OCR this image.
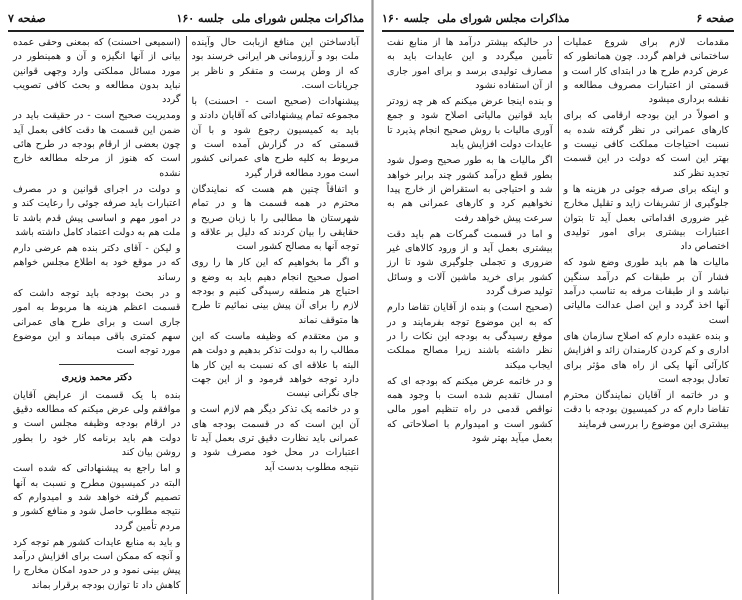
مذاکرات مجلس شورای ملی  جلسه ۱۶۰
صفحه ۷

آبادساختن این منافع ازبابت حال وآینده ملت بود و آرزومانی هر ایرانی خرسند بود که از وطن پرست و متفکر و ناظر بر جریانات است.

پیشنهادات (صحیح است - احسنت) با مجموعه تمام پیشنهاداتی که آقایان دادند و باید به کمیسیون رجوع شود و با آن قسمتی که در گزارش آمده است و مربوط به کلیه طرح های عمرانی کشور است مورد مطالعه قرار گیرد

و اتفاقاً چنین هم هست که نمایندگان محترم در همه قسمت ها و در تمام شهرستان ها مطالبی را با زبان صریح و حقایقی را بیان کردند که دلیل بر علاقه و توجه آنها به مصالح کشور است

و اگر ما بخواهیم که این کار ها را روی اصول صحیح انجام دهیم باید به وضع و احتیاج هر منطقه رسیدگی کنیم و بودجه لازم را برای آن پیش بینی نمائیم تا طرح ها متوقف نماند

و من معتقدم که وظیفه ماست که این مطالب را به دولت تذکر بدهیم و دولت هم البته با علاقه ای که نسبت به این کار ها دارد توجه خواهد فرمود و از این جهت جای نگرانی نیست

و در خاتمه یک تذکر دیگر هم لازم است و آن این است که در قسمت بودجه های عمرانی باید نظارت دقیق تری بعمل آید تا اعتبارات در محل خود مصرف شود و نتیجه مطلوب بدست آید

(اسمیعی احسنت) که بمعنی وحقی عمده بیانی از آنها انگیزه و آن و همینطور در مورد مسائل مملکتی وارد وجهی قوانین نباید بدون مطالعه و بحث کافی تصویب گردد

ومدیریت صحیح است - در حقیقت باید در ضمن این قسمت ها دقت کافی بعمل آید چون بعضی از ارقام بودجه در طرح هائی است که هنوز از مرحله مطالعه خارج نشده

و دولت در اجرای قوانین و در مصرف اعتبارات باید صرفه جوئی را رعایت کند و در امور مهم و اساسی پیش قدم باشد تا ملت هم به دولت اعتماد کامل داشته باشد

و لیکن - آقای دکتر بنده هم عرضی دارم که در موقع خود به اطلاع مجلس خواهم رساند

و در بحث بودجه باید توجه داشت که قسمت اعظم هزینه ها مربوط به امور جاری است و برای طرح های عمرانی سهم کمتری باقی میماند و این موضوع مورد توجه است

دکتر محمد وزیری

بنده با یک قسمت از عرایض آقایان موافقم ولی عرض میکنم که مطالعه دقیق در ارقام بودجه وظیفه مجلس است و دولت هم باید برنامه کار خود را بطور روشن بیان کند

و اما راجع به پیشنهاداتی که شده است البته در کمیسیون مطرح و نسبت به آنها تصمیم گرفته خواهد شد و امیدوارم که نتیجه مطلوب حاصل شود و منافع کشور و مردم تأمین گردد

و باید به منابع عایدات کشور هم توجه کرد و آنچه که ممکن است برای افزایش درآمد پیش بینی نمود و در حدود امکان مخارج را کاهش داد تا توازن بودجه برقرار بماند

صفحه ۶
مذاکرات مجلس شورای ملی  جلسه ۱۶۰

مقدمات لازم برای شروع عملیات ساختمانی فراهم گردد. چون همانطور که عرض کردم طرح ها در ابتدای کار است و قسمتی از اعتبارات مصروف مطالعه و نقشه برداری میشود

و اصولاً در این بودجه ارقامی که برای کارهای عمرانی در نظر گرفته شده به نسبت احتیاجات مملکت کافی نیست و بهتر این است که دولت در این قسمت تجدید نظر کند

و اینکه برای صرفه جوئی در هزینه ها و جلوگیری از تشریفات زاید و تقلیل مخارج غیر ضروری اقداماتی بعمل آید تا بتوان اعتبارات بیشتری برای امور تولیدی اختصاص داد

مالیات ها هم باید طوری وضع شود که فشار آن بر طبقات کم درآمد سنگین نباشد و از طبقات مرفه به تناسب درآمد آنها اخذ گردد و این اصل عدالت مالیاتی است

و بنده عقیده دارم که اصلاح سازمان های اداری و کم کردن کارمندان زائد و افزایش کارآئی آنها یکی از راه های مؤثر برای تعادل بودجه است

و در خاتمه از آقایان نمایندگان محترم تقاضا دارم که در کمیسیون بودجه با دقت بیشتری این موضوع را بررسی فرمایند

در حالیکه بیشتر درآمد ها از منابع نفت تأمین میگردد و این عایدات باید به مصارف تولیدی برسد و برای امور جاری از آن استفاده نشود

و بنده اینجا عرض میکنم که هر چه زودتر باید قوانین مالیاتی اصلاح شود و جمع آوری مالیات با روش صحیح انجام پذیرد تا عایدات دولت افزایش یابد

اگر مالیات ها به طور صحیح وصول شود بطور قطع درآمد کشور چند برابر خواهد شد و احتیاجی به استقراض از خارج پیدا نخواهیم کرد و کارهای عمرانی هم به سرعت پیش خواهد رفت

و اما در قسمت گمرکات هم باید دقت بیشتری بعمل آید و از ورود کالاهای غیر ضروری و تجملی جلوگیری شود تا ارز کشور برای خرید ماشین آلات و وسائل تولید صرف گردد

(صحیح است) و بنده از آقایان تقاضا دارم که به این موضوع توجه بفرمایند و در موقع رسیدگی به بودجه این نکات را در نظر داشته باشند زیرا مصالح مملکت ایجاب میکند

و در خاتمه عرض میکنم که بودجه ای که امسال تقدیم شده است با وجود همه نواقص قدمی در راه تنظیم امور مالی کشور است و امیدوارم با اصلاحاتی که بعمل میآید بهتر شود
